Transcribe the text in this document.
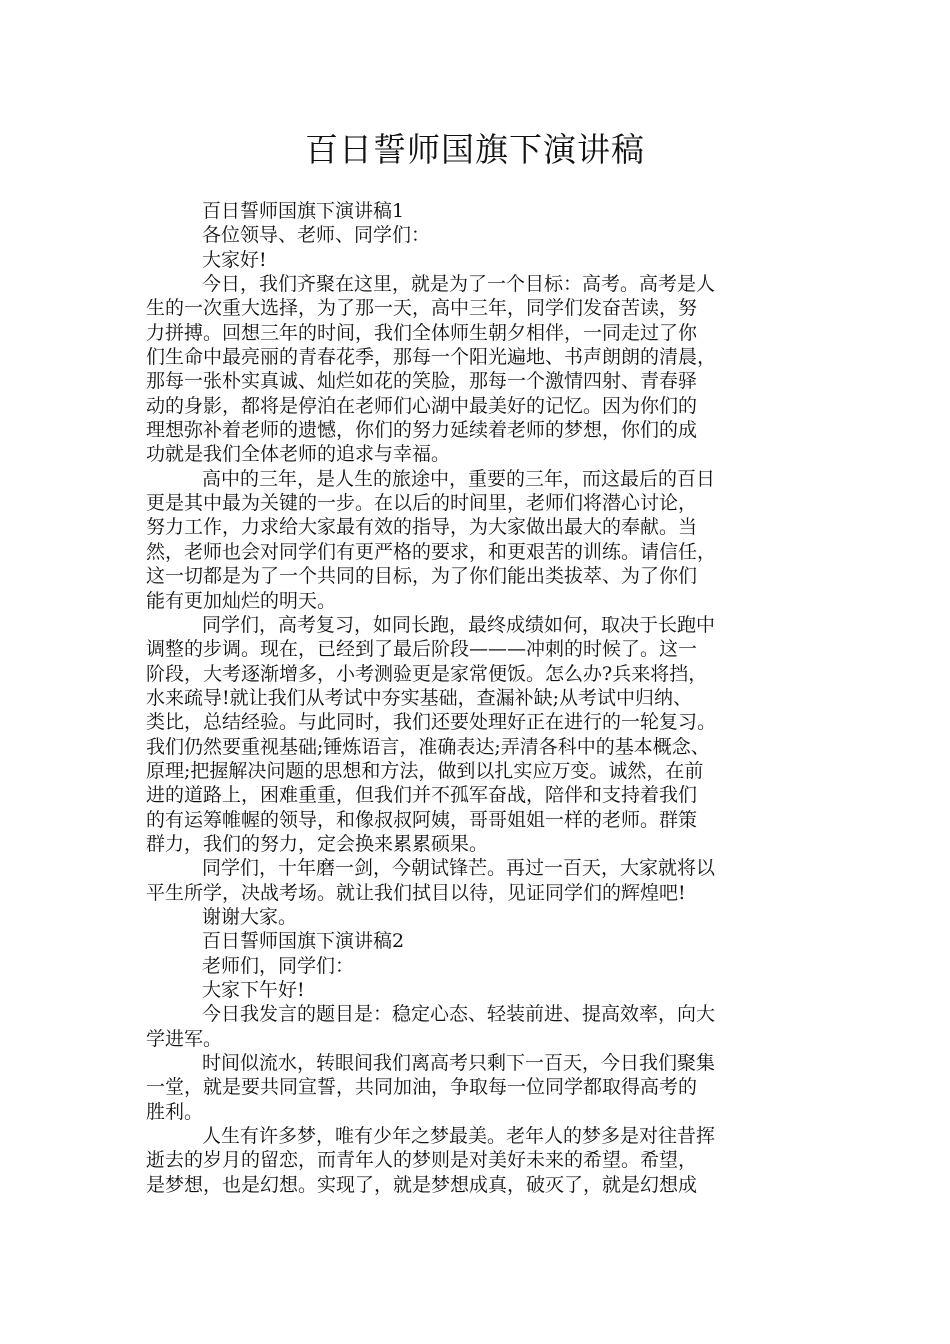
百日誓师国旗下演讲稿
百日誓师国旗下演讲稿1
各位领导、老师、同学们：
大家好!
今日，我们齐聚在这里，就是为了一个目标：高考。高考是人
生的一次重大选择，为了那一天，高中三年，同学们发奋苦读，努
力拼搏。回想三年的时间，我们全体师生朝夕相伴，一同走过了你
们生命中最亮丽的青春花季，那每一个阳光遍地、书声朗朗的清晨，
那每一张朴实真诚、灿烂如花的笑脸，那每一个激情四射、青春驿
动的身影，都将是停泊在老师们心湖中最美好的记忆。因为你们的
理想弥补着老师的遗憾，你们的努力延续着老师的梦想，你们的成
功就是我们全体老师的追求与幸福。
高中的三年，是人生的旅途中，重要的三年，而这最后的百日
更是其中最为关键的一步。在以后的时间里，老师们将潜心讨论，
努力工作，力求给大家最有效的指导，为大家做出最大的奉献。当
然，老师也会对同学们有更严格的要求，和更艰苦的训练。请信任，
这一切都是为了一个共同的目标，为了你们能出类拔萃、为了你们
能有更加灿烂的明天。
同学们，高考复习，如同长跑，最终成绩如何，取决于长跑中
调整的步调。现在，已经到了最后阶段———冲刺的时候了。这一
阶段，大考逐渐增多，小考测验更是家常便饭。怎么办?兵来将挡，
水来疏导!就让我们从考试中夯实基础，查漏补缺;从考试中归纳、
类比，总结经验。与此同时，我们还要处理好正在进行的一轮复习。
我们仍然要重视基础;锤炼语言，准确表达;弄清各科中的基本概念、
原理;把握解决问题的思想和方法，做到以扎实应万变。诚然，在前
进的道路上，困难重重，但我们并不孤军奋战，陪伴和支持着我们
的有运筹帷幄的领导，和像叔叔阿姨，哥哥姐姐一样的老师。群策
群力，我们的努力，定会换来累累硕果。
同学们，十年磨一剑，今朝试锋芒。再过一百天，大家就将以
平生所学，决战考场。就让我们拭目以待，见证同学们的辉煌吧!
谢谢大家。
百日誓师国旗下演讲稿2
老师们，同学们：
大家下午好!
今日我发言的题目是：稳定心态、轻装前进、提高效率，向大
学进军。
时间似流水，转眼间我们离高考只剩下一百天，今日我们聚集
一堂，就是要共同宣誓，共同加油，争取每一位同学都取得高考的
胜利。
人生有许多梦，唯有少年之梦最美。老年人的梦多是对往昔挥
逝去的岁月的留恋，而青年人的梦则是对美好未来的希望。希望，
是梦想，也是幻想。实现了，就是梦想成真，破灭了，就是幻想成
